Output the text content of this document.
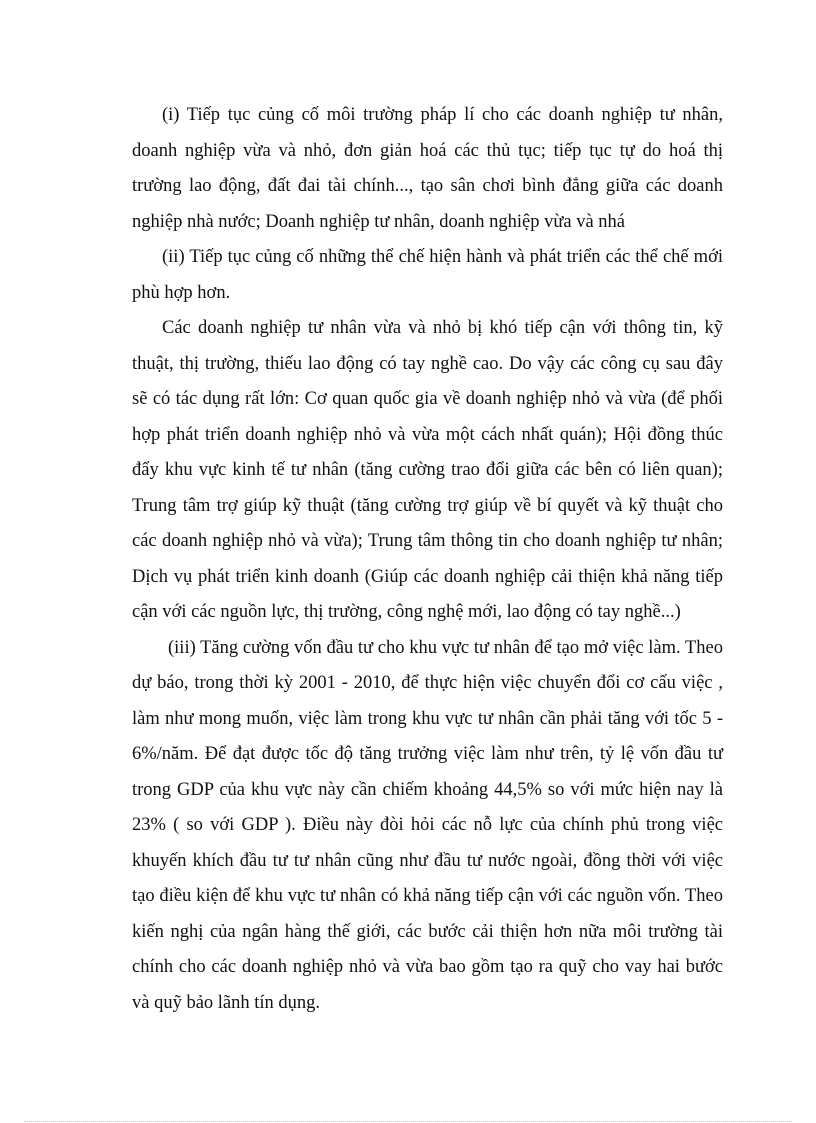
(i) Tiếp tục củng cố môi trường pháp lí cho các doanh nghiệp tư nhân, doanh nghiệp vừa và nhỏ, đơn giản hoá các thủ tục; tiếp tục tự do hoá thị trường lao động, đất đai tài chính..., tạo sân chơi bình đẳng giữa các doanh nghiệp nhà nước; Doanh nghiệp tư nhân, doanh nghiệp vừa và nhá

(ii) Tiếp tục củng cố những thể chế hiện hành và phát triển các thể chế mới phù hợp hơn.

Các doanh nghiệp tư nhân vừa và nhỏ bị khó tiếp cận với thông tin, kỹ thuật, thị trường, thiếu lao động có tay nghề cao. Do vậy các công cụ sau đây sẽ có tác dụng rất lớn: Cơ quan quốc gia về doanh nghiệp nhỏ và vừa (để phối hợp phát triển doanh nghiệp nhỏ và vừa một cách nhất quán); Hội đồng thúc đẩy khu vực kinh tế tư nhân (tăng cường trao đổi giữa các bên có liên quan); Trung tâm trợ giúp kỹ thuật (tăng cường trợ giúp về bí quyết và kỹ thuật cho các doanh nghiệp nhỏ và vừa); Trung tâm thông tin cho doanh nghiệp tư nhân; Dịch vụ phát triển kinh doanh (Giúp các doanh nghiệp cải thiện khả năng tiếp cận với các nguồn lực, thị trường, công nghệ mới, lao động có tay nghề...)

(iii) Tăng cường vốn đầu tư cho khu vực tư nhân để tạo mở việc làm. Theo dự báo, trong thời kỳ 2001 - 2010, để thực hiện việc chuyển đổi cơ cấu việc , làm như mong muốn, việc làm trong khu vực tư nhân cần phải tăng với tốc 5 - 6%/năm. Để đạt được tốc độ tăng trưởng việc làm như trên, tỷ lệ vốn đầu tư trong GDP của khu vực này cần chiếm khoảng 44,5% so với mức hiện nay là 23% ( so với GDP ). Điều này đòi hỏi các nỗ lực của chính phủ trong việc khuyến khích đầu tư tư nhân cũng như đầu tư nước ngoài, đồng thời với việc tạo điều kiện để khu vực tư nhân có khả năng tiếp cận với các nguồn vốn. Theo kiến nghị của ngân hàng thế giới, các bước cải thiện hơn nữa môi trường tài chính cho các doanh nghiệp nhỏ và vừa bao gồm tạo ra quỹ cho vay hai bước và quỹ bảo lãnh tín dụng.
